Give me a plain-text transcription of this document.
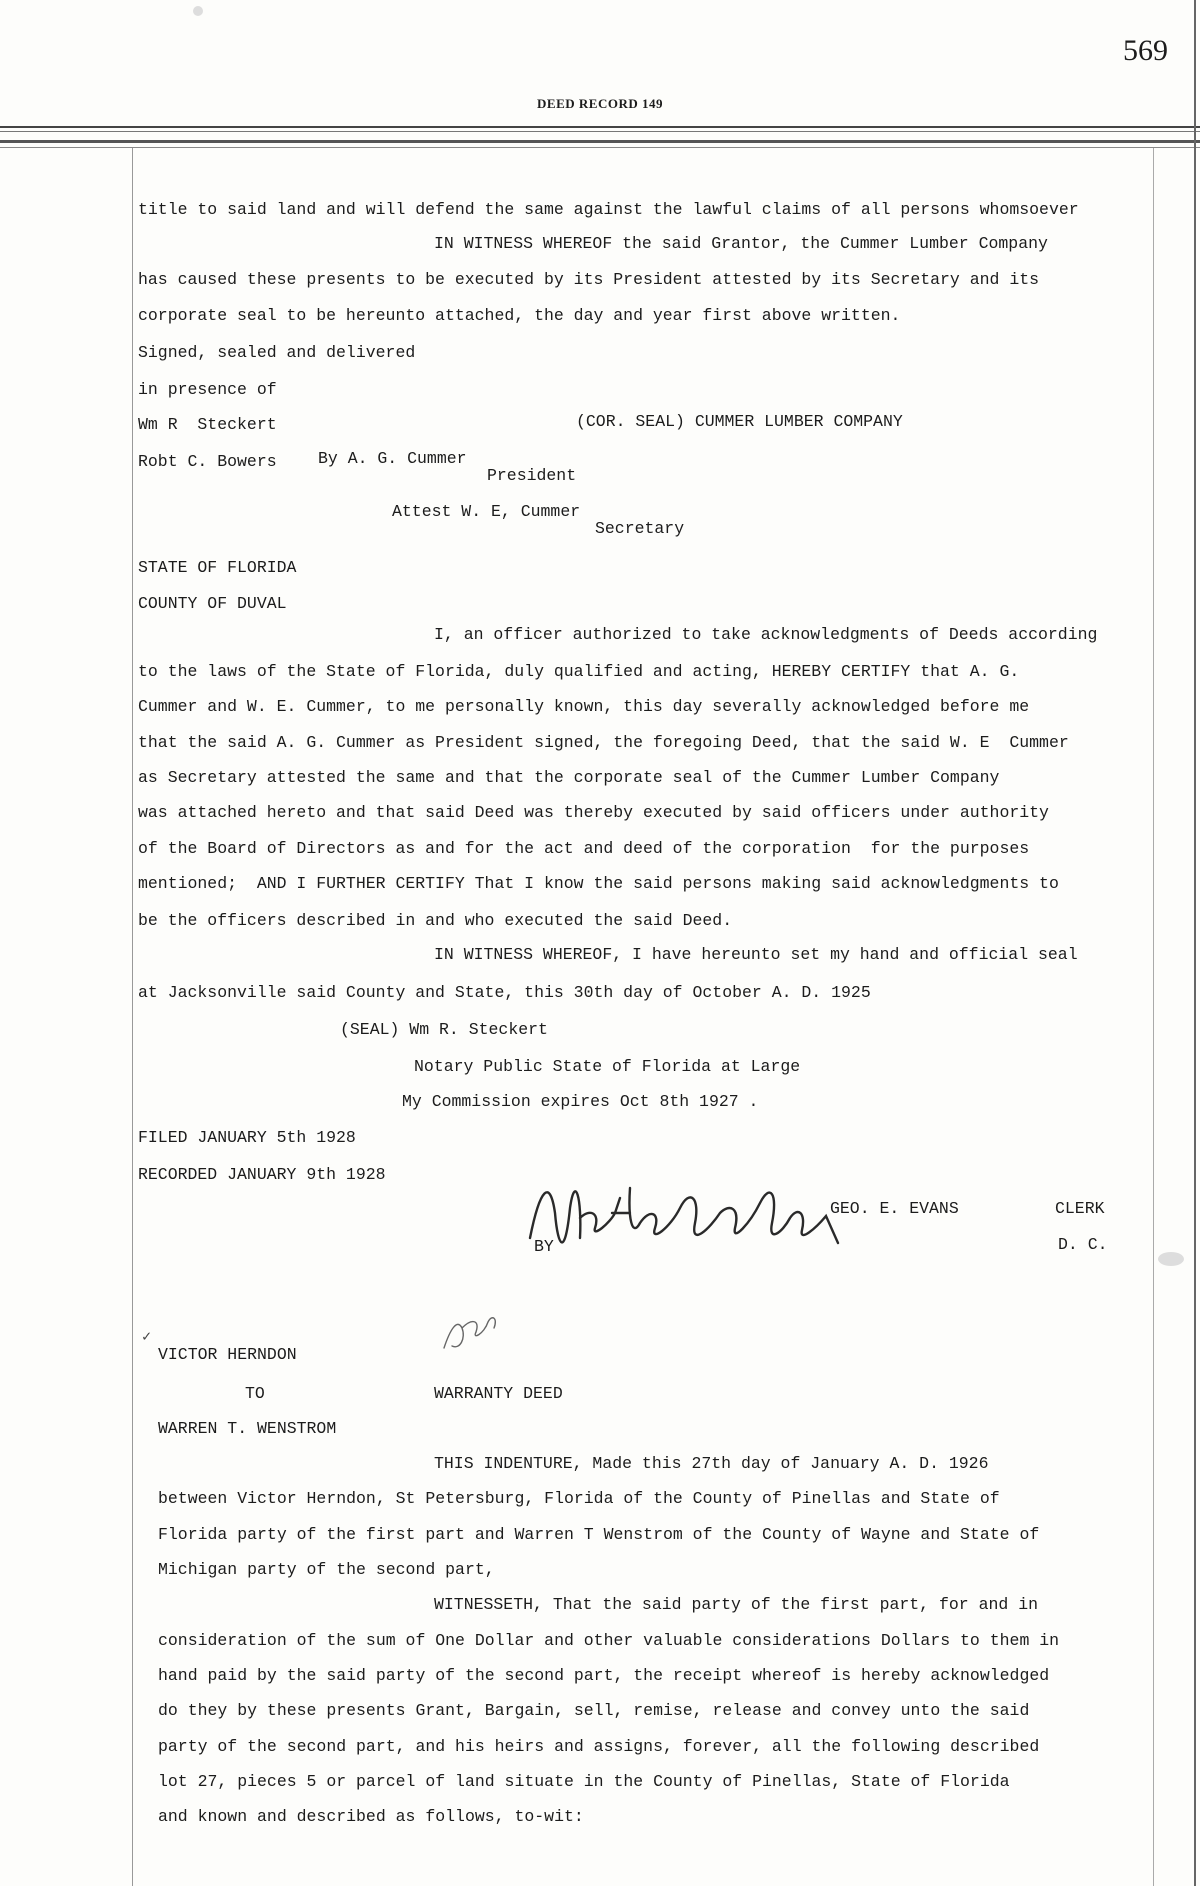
569
DEED RECORD 149
title to said land and will defend the same against the lawful claims of all persons whomsoever
IN WITNESS WHEREOF the said Grantor, the Cummer Lumber Company
has caused these presents to be executed by its President attested by its Secretary and its
corporate seal to be hereunto attached, the day and year first above written.
Signed, sealed and delivered
in presence of
Wm R  Steckert	(COR. SEAL) CUMMER LUMBER COMPANY
Robt C. Bowers	By A. G. Cummer
President
Attest W. E, Cummer
Secretary
STATE OF FLORIDA
COUNTY OF DUVAL
I, an officer authorized to take acknowledgments of Deeds according
to the laws of the State of Florida, duly qualified and acting, HEREBY CERTIFY that A. G.
Cummer and W. E. Cummer, to me personally known, this day severally acknowledged before me
that the said A. G. Cummer as President signed, the foregoing Deed, that the said W. E  Cummer
as Secretary attested the same and that the corporate seal of the Cummer Lumber Company
was attached hereto and that said Deed was thereby executed by said officers under authority
of the Board of Directors as and for the act and deed of the corporation  for the purposes
mentioned;  AND I FURTHER CERTIFY That I know the said persons making said acknowledgments to
be the officers described in and who executed the said Deed.
IN WITNESS WHEREOF, I have hereunto set my hand and official seal
at Jacksonville said County and State, this 30th day of October A. D. 1925
(SEAL) Wm R. Steckert
Notary Public State of Florida at Large
My Commission expires Oct 8th 1927 .
FILED JANUARY 5th 1928
RECORDED JANUARY 9th 1928
GEO. E. EVANS	CLERK
BY	D. C.
✓
VICTOR HERNDON
TO	WARRANTY DEED
WARREN T. WENSTROM
THIS INDENTURE, Made this 27th day of January A. D. 1926
between Victor Herndon, St Petersburg, Florida of the County of Pinellas and State of
Florida party of the first part and Warren T Wenstrom of the County of Wayne and State of
Michigan party of the second part,
WITNESSETH, That the said party of the first part, for and in
consideration of the sum of One Dollar and other valuable considerations Dollars to them in
hand paid by the said party of the second part, the receipt whereof is hereby acknowledged
do they by these presents Grant, Bargain, sell, remise, release and convey unto the said
party of the second part, and his heirs and assigns, forever, all the following described
lot 27, pieces 5 or parcel of land situate in the County of Pinellas, State of Florida
and known and described as follows, to-wit:
